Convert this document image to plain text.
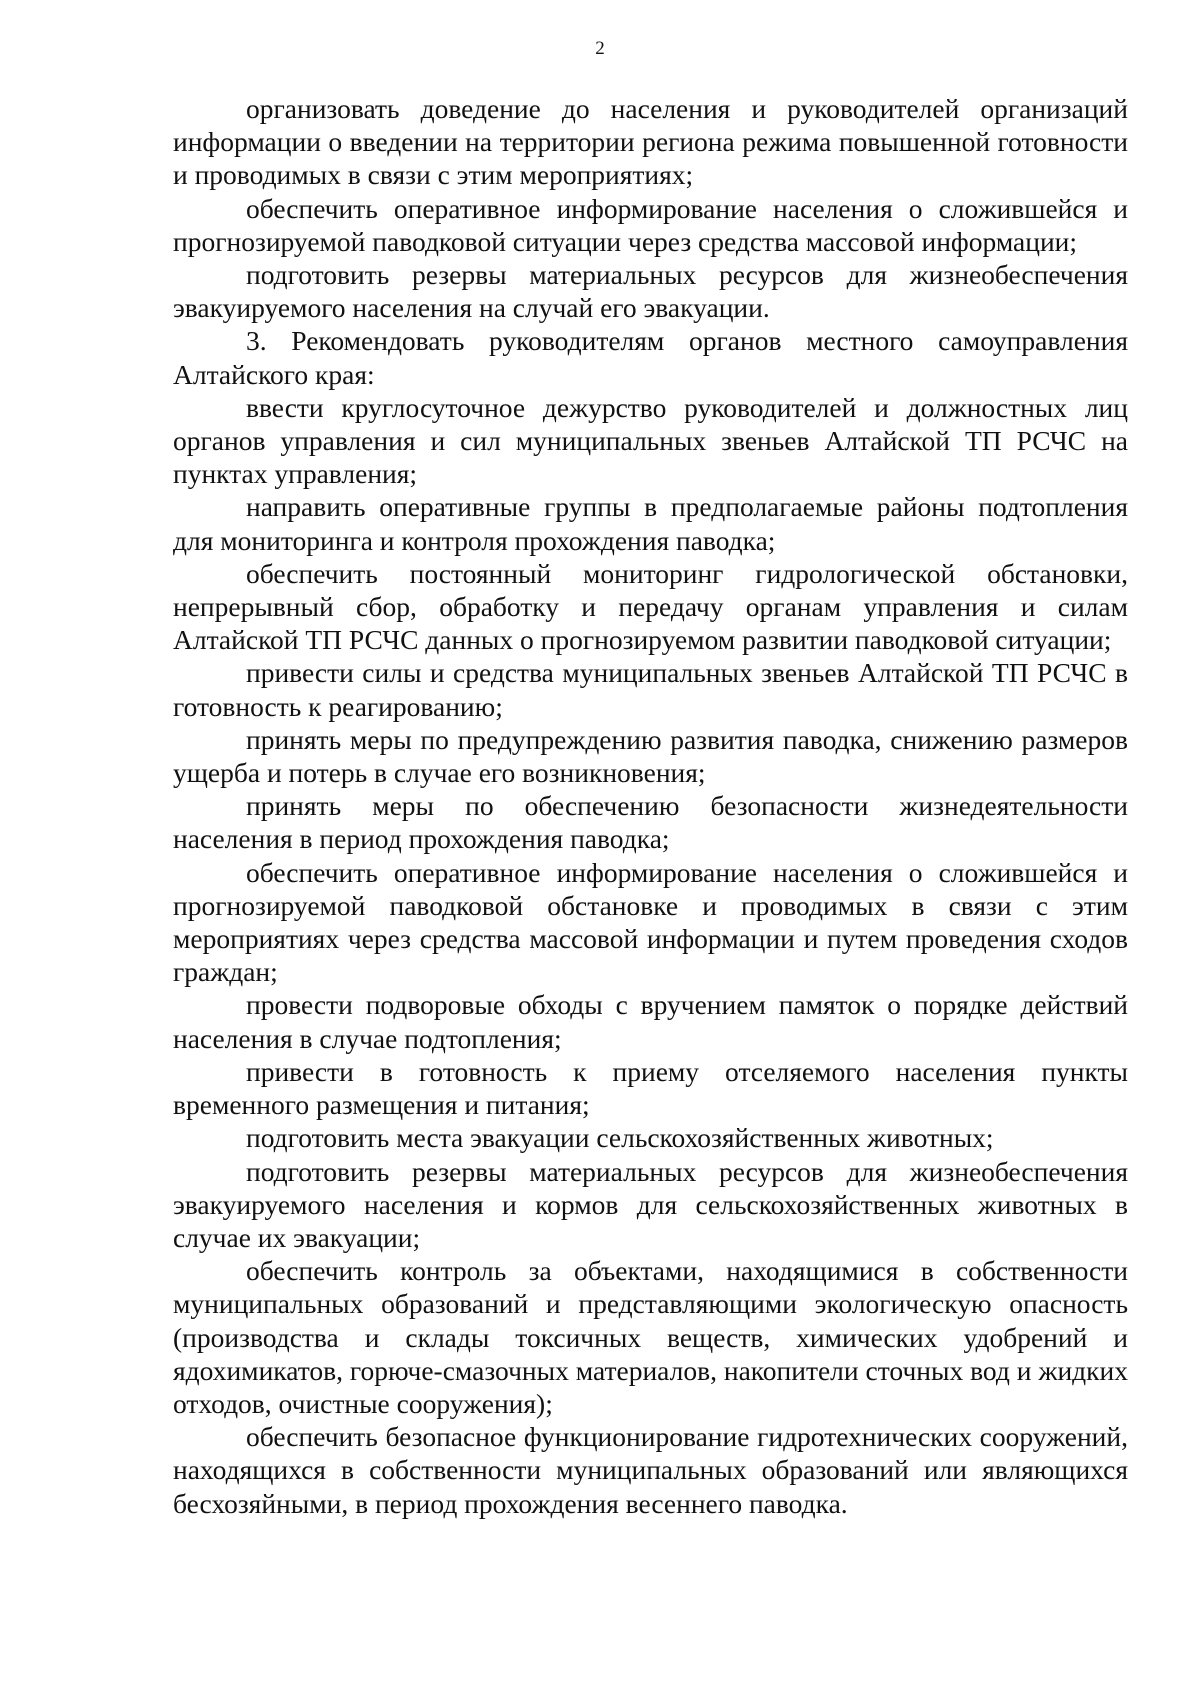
2

организовать доведение до населения и руководителей организаций информации о введении на территории региона режима повышенной готовности и проводимых в связи с этим мероприятиях;

обеспечить оперативное информирование населения о сложившейся и прогнозируемой паводковой ситуации через средства массовой информации;

подготовить резервы материальных ресурсов для жизнеобеспечения эвакуируемого населения на случай его эвакуации.

3. Рекомендовать руководителям органов местного самоуправления Алтайского края:

ввести круглосуточное дежурство руководителей и должностных лиц органов управления и сил муниципальных звеньев Алтайской ТП РСЧС на пунктах управления;

направить оперативные группы в предполагаемые районы подтопления для мониторинга и контроля прохождения паводка;

обеспечить постоянный мониторинг гидрологической обстановки, непрерывный сбор, обработку и передачу органам управления и силам Алтайской ТП РСЧС данных о прогнозируемом развитии паводковой ситуации;

привести силы и средства муниципальных звеньев Алтайской ТП РСЧС в готовность к реагированию;

принять меры по предупреждению развития паводка, снижению размеров ущерба и потерь в случае его возникновения;

принять меры по обеспечению безопасности жизнедеятельности населения в период прохождения паводка;

обеспечить оперативное информирование населения о сложившейся и прогнозируемой паводковой обстановке и проводимых в связи с этим мероприятиях через средства массовой информации и путем проведения сходов граждан;

провести подворовые обходы с вручением памяток о порядке действий населения в случае подтопления;

привести в готовность к приему отселяемого населения пункты временного размещения и питания;

подготовить места эвакуации сельскохозяйственных животных;

подготовить резервы материальных ресурсов для жизнеобеспечения эвакуируемого населения и кормов для сельскохозяйственных животных в случае их эвакуации;

обеспечить контроль за объектами, находящимися в собственности муниципальных образований и представляющими экологическую опасность (производства и склады токсичных веществ, химических удобрений и ядохимикатов, горюче-смазочных материалов, накопители сточных вод и жидких отходов, очистные сооружения);

обеспечить безопасное функционирование гидротехнических сооружений, находящихся в собственности муниципальных образований или являющихся бесхозяйными, в период прохождения весеннего паводка.
